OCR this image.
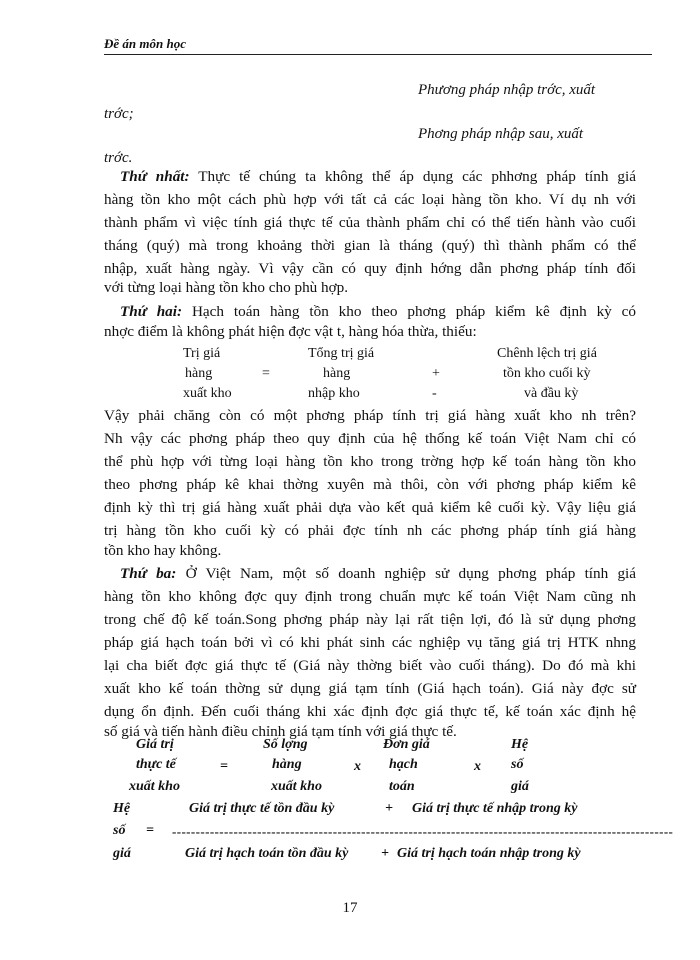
Đề án môn học
Phương pháp nhập trớc, xuất
trớc;
Phơng pháp nhập sau, xuất
trớc.
Thứ nhất: Thực tế chúng ta không thể áp dụng các phhơng pháp tính giá
hàng tồn kho một cách phù hợp với tất cả các loại hàng tồn kho. Ví dụ nh với
thành phẩm vì việc tính giá thực tế của thành phẩm chỉ có thể tiến hành vào cuối
tháng (quý) mà trong khoảng thời gian là tháng (quý) thì thành phẩm có thể
nhập, xuất hàng ngày. Vì vậy cần có quy định hớng dẫn phơng pháp tính đối
với từng loại hàng tồn kho cho phù hợp.
Thứ hai: Hạch toán hàng tồn kho theo phơng pháp kiểm kê định kỳ có
nhợc điểm là không phát hiện đợc vật t, hàng hóa thừa, thiếu:
Trị giá
hàng
xuất kho
=
Tổng trị giá
hàng
nhập kho
+
-
Chênh lệch trị giá
tồn kho cuối kỳ
và đầu kỳ
Vậy phải chăng còn có một phơng pháp tính trị giá hàng xuất kho nh trên?
Nh vậy các phơng pháp theo quy định của hệ thống kế toán Việt Nam chỉ có
thể phù hợp với từng loại hàng tồn kho trong trờng hợp kế toán hàng tồn kho
theo phơng pháp kê khai thờng xuyên mà thôi, còn với phơng pháp kiểm kê
định kỳ thì trị giá hàng xuất phải dựa vào kết quả kiểm kê cuối kỳ. Vậy liệu giá
trị hàng tồn kho cuối kỳ có phải đợc tính nh các phơng pháp tính giá hàng
tồn kho hay không.
Thứ ba: Ở Việt Nam, một số doanh nghiệp sử dụng phơng pháp tính giá
hàng tồn kho không đợc quy định trong chuẩn mực kế toán Việt Nam cũng nh
trong chế độ kế toán.Song phơng pháp này lại rất tiện lợi, đó là sử dụng phơng
pháp giá hạch toán bởi vì có khi phát sinh các nghiệp vụ tăng giá trị HTK nhng
lại cha biết đợc giá thực tế (Giá này thờng biết vào cuối tháng). Do đó mà khi
xuất kho kế toán thờng sử dụng giá tạm tính (Giá hạch toán). Giá này đợc sử
dụng ổn định. Đến cuối tháng khi xác định đợc giá thực tế, kế toán xác định hệ
số giá và tiến hành điều chỉnh giá tạm tính với giá thực tế.
Giá trị
thực tế
xuất kho
=
Số lợng
hàng
xuất kho
x
Đơn giá
hạch
toán
x
Hệ
số
giá
Hệ
số
giá
=
Giá trị thực tế tồn đầu kỳ	+ Giá trị thực tế nhập trong kỳ
----------------------------------------------------------------------------------------------------------
Giá trị hạch toán tồn đầu kỳ + Giá trị hạch toán nhập trong kỳ
17
